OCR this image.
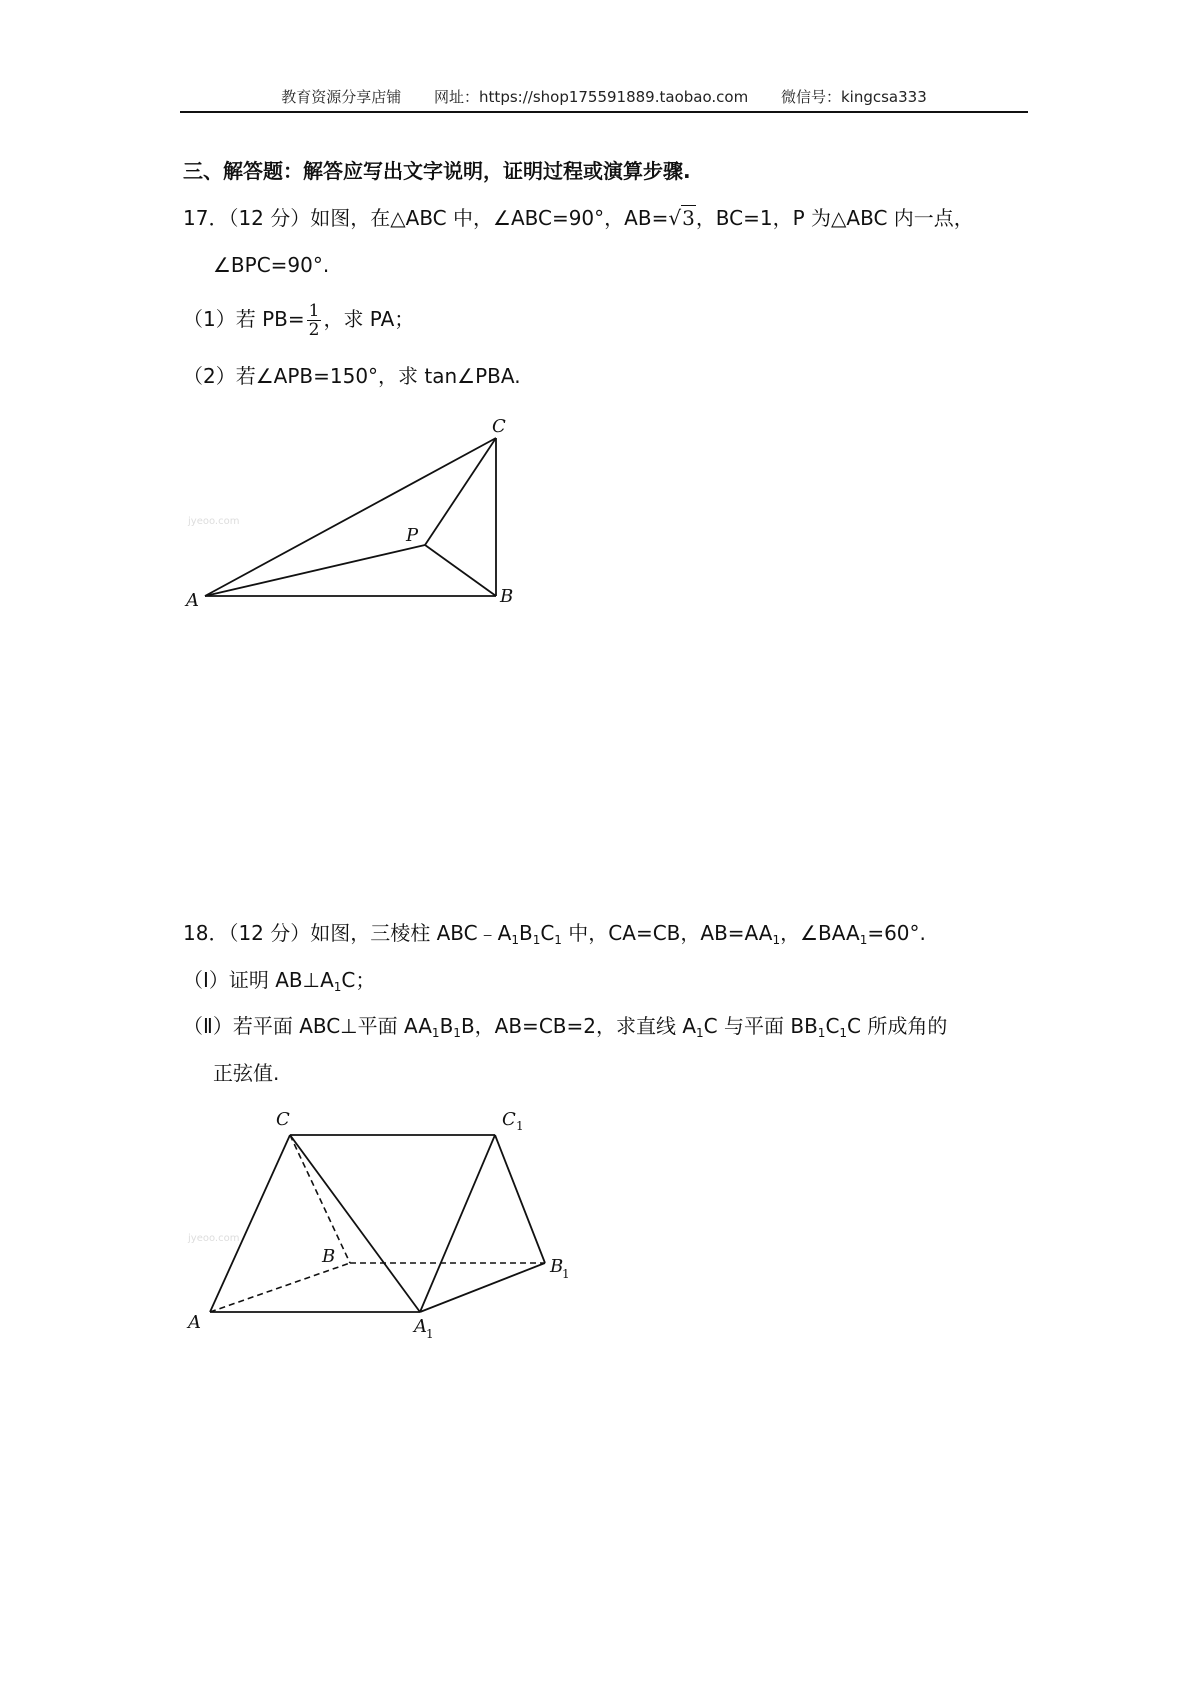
教育资源分享店铺 网址：https://shop175591889.taobao.com 微信号：kingcsa333
三、解答题：解答应写出文字说明，证明过程或演算步骤.
17．（12 分）如图，在△ABC 中，∠ABC=90°，AB=√3，BC=1，P 为△ABC 内一点，
∠BPC=90°.
（1）若 $PB= \frac{1}{2}$ ，求 PA；
（2）若∠APB=150°，求 tan∠PBA.
jyeoo.com
A	B
C
P
18．（12 分）如图，三棱柱 $ABC﹣A_1B_1C_1$ 中，CA=CB，$AB=AA_1$，$\angle BAA_1=60^\circ$.
（Ⅰ）证明 $AB\perp A_1C$；
（Ⅱ）若平面 ABC⊥平面 $AA_1B_1B$，AB=CB=2，求直线 $A_1C$ 与平面 $BB_1C_1C$ 所成角的
正弦值.
jyeoo.com
C	C 1
B	B
1
A	A 1
